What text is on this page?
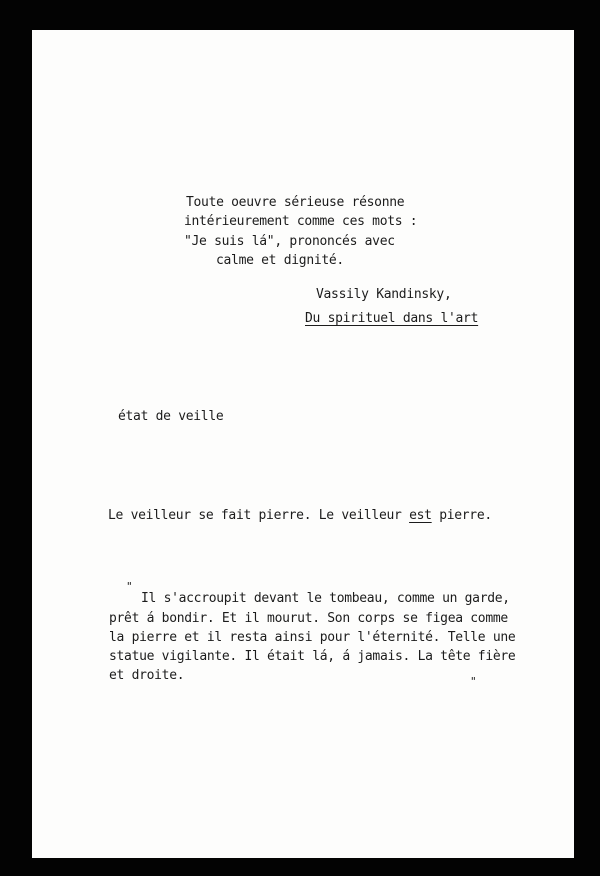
Toute oeuvre sérieuse résonne
intérieurement comme ces mots :
"Je suis lá", prononcés avec
calme et dignité.
Vassily Kandinsky,
Du spirituel dans l'art
état de veille
Le veilleur se fait pierre. Le veilleur est pierre.
"
Il s'accroupit devant le tombeau, comme un garde,
prêt á bondir. Et il mourut. Son corps se figea comme
la pierre et il resta ainsi pour l'éternité. Telle une
statue vigilante. Il était lá, á jamais. La tête fière
et droite.	"
